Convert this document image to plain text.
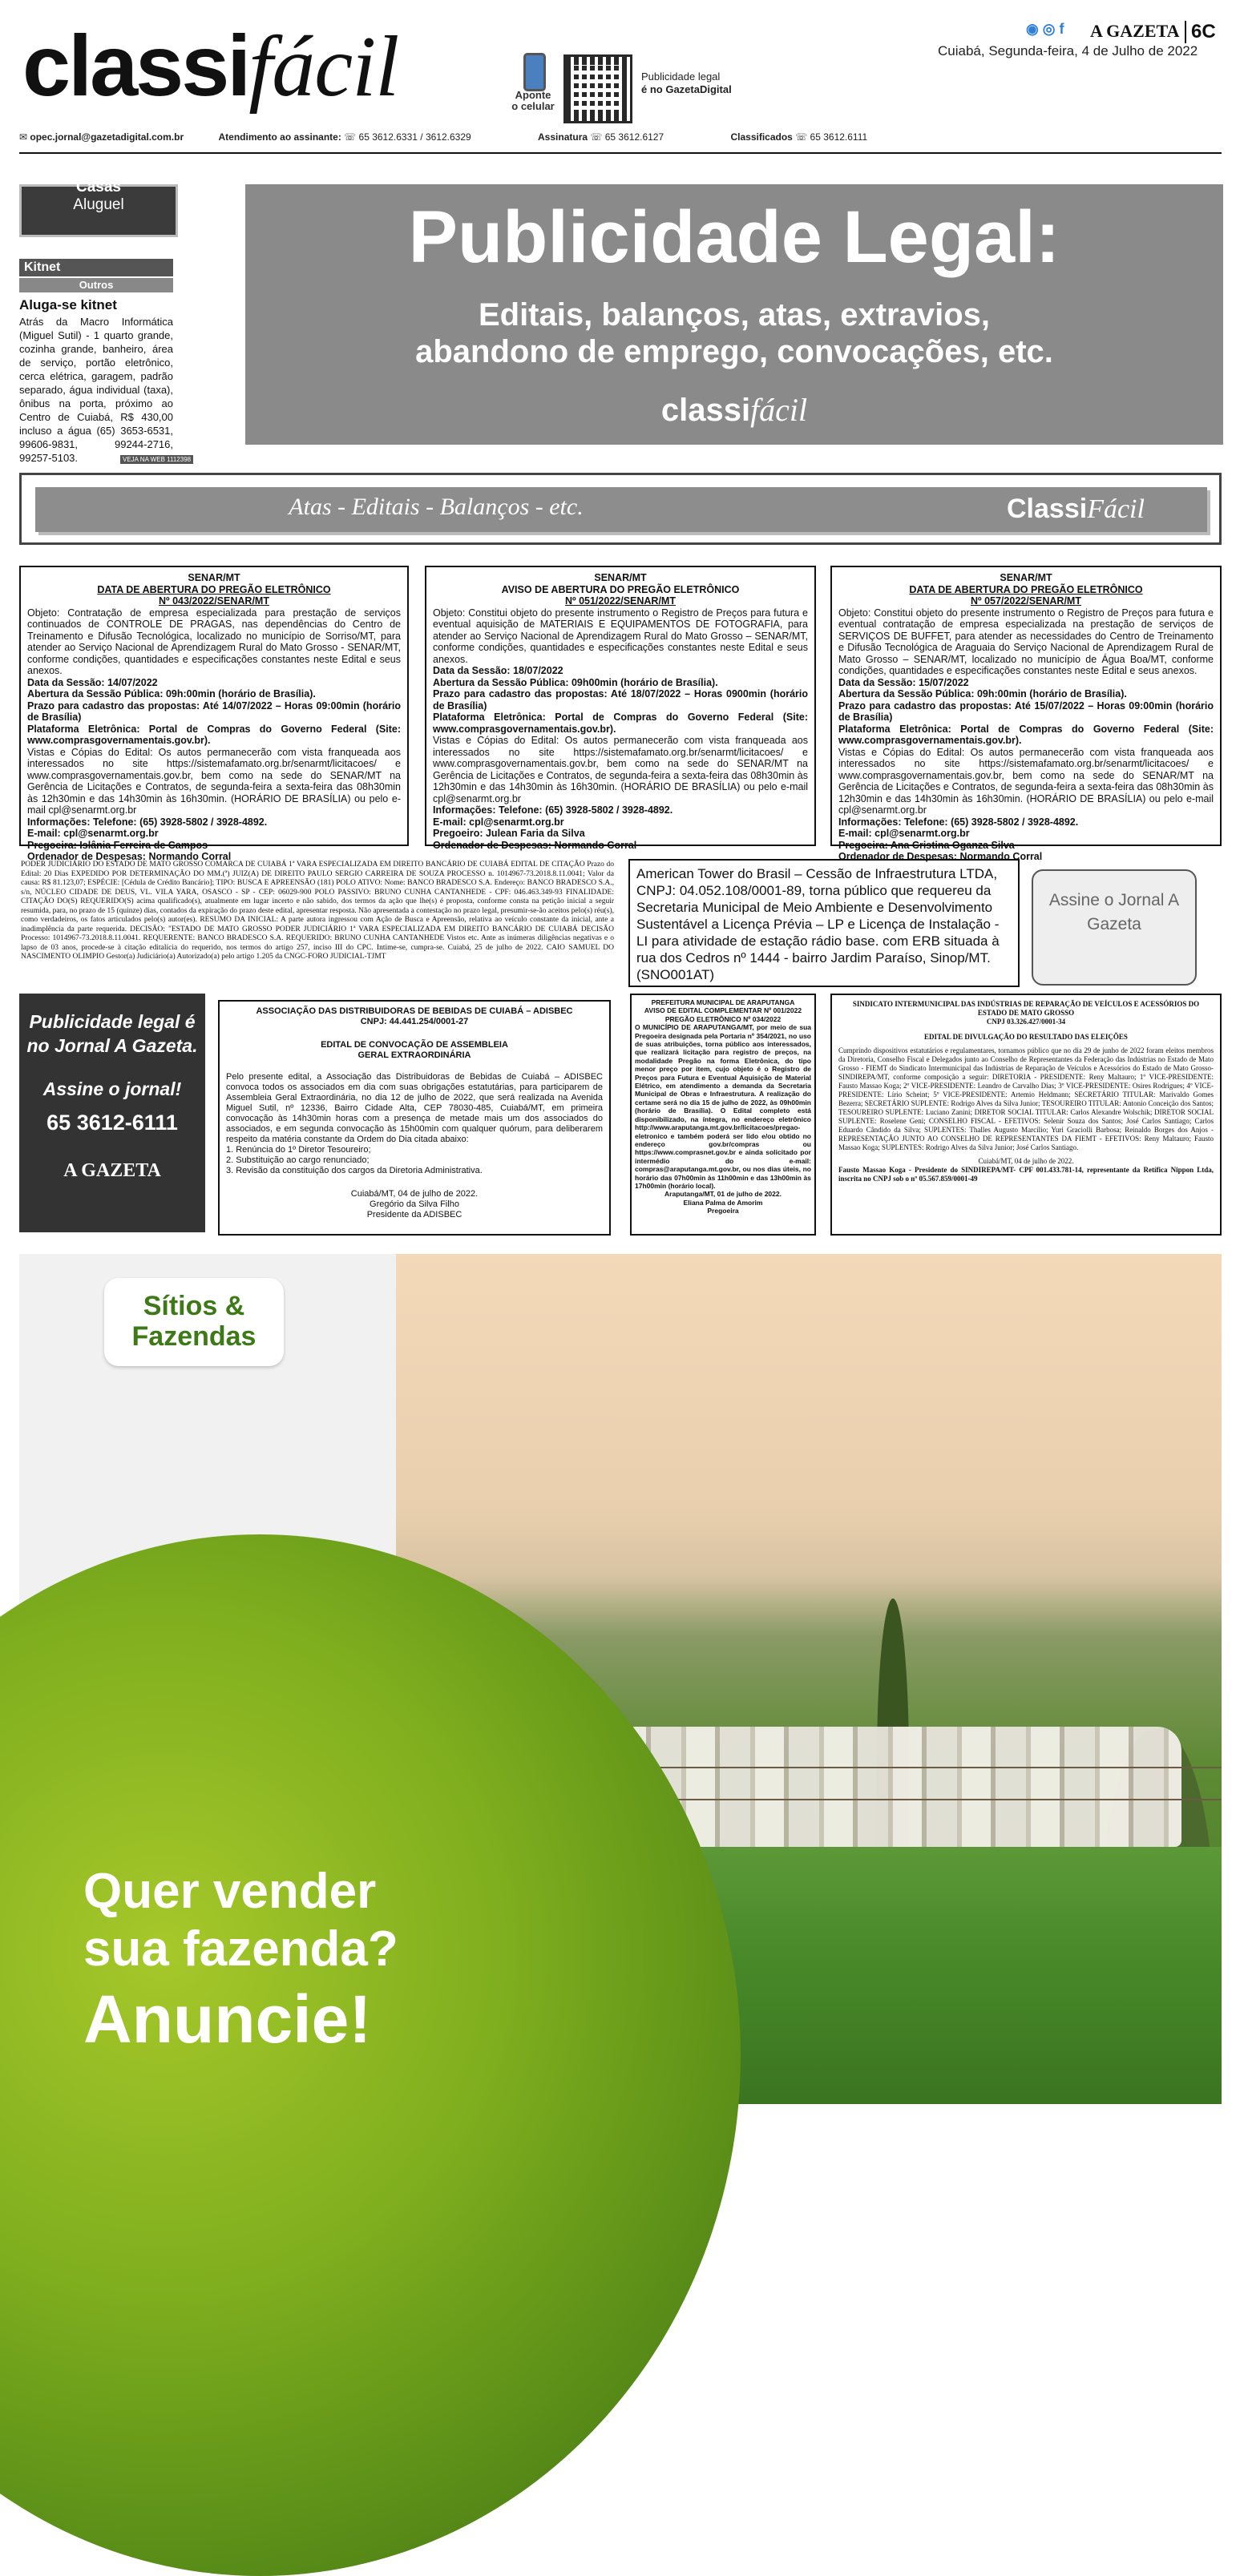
classifácil	Aponte o celular
Publicidade legal
é no GazetaDigital
◉ ◎ f A GAZETA 6C
Cuiabá, Segunda-feira, 4 de Julho de 2022
✉ opec.jornal@gazetadigital.com.br	Atendimento ao assinante: ☏ 65 3612.6331 / 3612.6329	Assinatura ☏ 65 3612.6127	Classificados ☏ 65 3612.6111
Casas
Aluguel
Kitnet
Outros
Aluga-se kitnet
Atrás da Macro Informática (Miguel Sutil) - 1 quarto grande, cozinha grande, banheiro, área de serviço, portão eletrônico, cerca elétrica, garagem, padrão separado, água individual (taxa), ônibus na porta, próximo ao Centro de Cuiabá, R$ 430,00 incluso a água (65) 3653-6531, 99606-9831, 99244-2716, 99257-5103.	VEJA NA WEB 1112398
Publicidade Legal:
Editais, balanços, atas, extravios,
abandono de emprego, convocações, etc.
classifácil
Atas - Editais - Balanços - etc.	ClassiFácil
SENAR/MT
DATA DE ABERTURA DO PREGÃO ELETRÔNICO
Nº 043/2022/SENAR/MT

Objeto: Contratação de empresa especializada para prestação de serviços continuados de CONTROLE DE PRAGAS, nas dependências do Centro de Treinamento e Difusão Tecnológica, localizado no município de Sorriso/MT, para atender ao Serviço Nacional de Aprendizagem Rural do Mato Grosso - SENAR/MT, conforme condições, quantidades e especificações constantes neste Edital e seus anexos.

Data da Sessão: 14/07/2022

Abertura da Sessão Pública: 09h:00min (horário de Brasília).

Prazo para cadastro das propostas: Até 14/07/2022 – Horas 09:00min (horário de Brasília)

Plataforma Eletrônica: Portal de Compras do Governo Federal (Site: www.comprasgovernamentais.gov.br).

Vistas e Cópias do Edital: Os autos permanecerão com vista franqueada aos interessados no site https://sistemafamato.org.br/senarmt/licitacoes/ e www.comprasgovernamentais.gov.br, bem como na sede do SENAR/MT na Gerência de Licitações e Contratos, de segunda-feira a sexta-feira das 08h30min às 12h30min e das 14h30min às 16h30min. (HORÁRIO DE BRASÍLIA) ou pelo e-mail cpl@senarmt.org.br

Informações: Telefone: (65) 3928-5802 / 3928-4892.

E-mail: cpl@senarmt.org.br

Pregoeira: Islânia Ferreira de Campos

Ordenador de Despesas: Normando Corral

SENAR/MT
AVISO DE ABERTURA DO PREGÃO ELETRÔNICO
Nº 051/2022/SENAR/MT

Objeto: Constitui objeto do presente instrumento o Registro de Preços para futura e eventual aquisição de MATERIAIS E EQUIPAMENTOS DE FOTOGRAFIA, para atender ao Serviço Nacional de Aprendizagem Rural do Mato Grosso – SENAR/MT, conforme condições, quantidades e especificações constantes neste Edital e seus anexos.

Data da Sessão: 18/07/2022

Abertura da Sessão Pública: 09h00min (horário de Brasília).

Prazo para cadastro das propostas: Até 18/07/2022 – Horas 0900min (horário de Brasília)

Plataforma Eletrônica: Portal de Compras do Governo Federal (Site: www.comprasgovernamentais.gov.br).

Vistas e Cópias do Edital: Os autos permanecerão com vista franqueada aos interessados no site https://sistemafamato.org.br/senarmt/licitacoes/ e www.comprasgovernamentais.gov.br, bem como na sede do SENAR/MT na Gerência de Licitações e Contratos, de segunda-feira a sexta-feira das 08h30min às 12h30min e das 14h30min às 16h30min. (HORÁRIO DE BRASÍLIA) ou pelo e-mail cpl@senarmt.org.br

Informações: Telefone: (65) 3928-5802 / 3928-4892.

E-mail: cpl@senarmt.org.br

Pregoeiro: Julean Faria da Silva

Ordenador de Despesas: Normando Corral

SENAR/MT
DATA DE ABERTURA DO PREGÃO ELETRÔNICO
Nº 057/2022/SENAR/MT

Objeto: Constitui objeto do presente instrumento o Registro de Preços para futura e eventual contratação de empresa especializada na prestação de serviços de SERVIÇOS DE BUFFET, para atender as necessidades do Centro de Treinamento e Difusão Tecnológica de Araguaia do Serviço Nacional de Aprendizagem Rural de Mato Grosso – SENAR/MT, localizado no município de Água Boa/MT, conforme condições, quantidades e especificações constantes neste Edital e seus anexos.

Data da Sessão: 15/07/2022

Abertura da Sessão Pública: 09h:00min (horário de Brasília).

Prazo para cadastro das propostas: Até 15/07/2022 – Horas 09:00min (horário de Brasília)

Plataforma Eletrônica: Portal de Compras do Governo Federal (Site: www.comprasgovernamentais.gov.br).

Vistas e Cópias do Edital: Os autos permanecerão com vista franqueada aos interessados no site https://sistemafamato.org.br/senarmt/licitacoes/ e www.comprasgovernamentais.gov.br, bem como na sede do SENAR/MT na Gerência de Licitações e Contratos, de segunda-feira a sexta-feira das 08h30min às 12h30min e das 14h30min às 16h30min. (HORÁRIO DE BRASÍLIA) ou pelo e-mail cpl@senarmt.org.br

Informações: Telefone: (65) 3928-5802 / 3928-4892.

E-mail: cpl@senarmt.org.br

Pregoeira: Ana Cristina Oganza Silva

Ordenador de Despesas: Normando Corral

PODER JUDICIÁRIO DO ESTADO DE MATO GROSSO COMARCA DE CUIABÁ 1ª VARA ESPECIALIZADA EM DIREITO BANCÁRIO DE CUIABÁ EDITAL DE CITAÇÃO Prazo do Edital: 20 Dias EXPEDIDO POR DETERMINAÇÃO DO MM.(ª) JUIZ(A) DE DIREITO PAULO SERGIO CARREIRA DE SOUZA PROCESSO n. 1014967-73.2018.8.11.0041; Valor da causa: R$ 81.123,07; ESPÉCIE: [Cédula de Crédito Bancário]; TIPO: BUSCA E APREENSÃO (181) POLO ATIVO: Nome: BANCO BRADESCO S.A. Endereço: BANCO BRADESCO S.A., s/n, NÚCLEO CIDADE DE DEUS, VL. VILA YARA, OSASCO - SP - CEP: 06029-900 POLO PASSIVO: BRUNO CUNHA CANTANHEDE - CPF: 046.463.349-93 FINALIDADE: CITAÇÃO DO(S) REQUERIDO(S) acima qualificado(s), atualmente em lugar incerto e não sabido, dos termos da ação que lhe(s) é proposta, conforme consta na petição inicial a seguir resumida, para, no prazo de 15 (quinze) dias, contados da expiração do prazo deste edital, apresentar resposta. Não apresentada a contestação no prazo legal, presumir-se-ão aceitos pelo(s) réu(s), como verdadeiros, os fatos articulados pelo(s) autor(es). RESUMO DA INICIAL: A parte autora ingressou com Ação de Busca e Apreensão, relativa ao veículo constante da inicial, ante a inadimplência da parte requerida. DECISÃO: "ESTADO DE MATO GROSSO PODER JUDICIÁRIO 1ª VARA ESPECIALIZADA EM DIREITO BANCÁRIO DE CUIABÁ DECISÃO Processo: 1014967-73.2018.8.11.0041. REQUERENTE: BANCO BRADESCO S.A. REQUERIDO: BRUNO CUNHA CANTANHEDE Vistos etc. Ante as inúmeras diligências negativas e o lapso de 03 anos, procede-se à citação editalícia do requerido, nos termos do artigo 257, inciso III do CPC. Intime-se, cumpra-se. Cuiabá, 25 de julho de 2022. CAIO SAMUEL DO NASCIMENTO OLIMPIO Gestor(a) Judiciário(a) Autorizado(a) pelo artigo 1.205 da CNGC-FORO JUDICIAL-TJMT
American Tower do Brasil – Cessão de Infraestrutura LTDA, CNPJ: 04.052.108/0001-89, torna público que requereu da Secretaria Municipal de Meio Ambiente e Desenvolvimento Sustentável a Licença Prévia – LP e Licença de Instalação - LI para atividade de estação rádio base. com ERB situada à rua dos Cedros nº 1444 - bairro Jardim Paraíso, Sinop/MT. (SNO001AT)
Assine o Jornal A Gazeta
Publicidade legal é
no Jornal A Gazeta.
Assine o jornal!
65 3612-6111
A GAZETA
ASSOCIAÇÃO DAS DISTRIBUIDORAS DE BEBIDAS DE CUIABÁ – ADISBEC
CNPJ: 44.441.254/0001-27
EDITAL DE CONVOCAÇÃO DE ASSEMBLEIA
GERAL EXTRAORDINÁRIA

Pelo presente edital, a Associação das Distribuidoras de Bebidas de Cuiabá – ADISBEC convoca todos os associados em dia com suas obrigações estatutárias, para participarem de Assembleia Geral Extraordinária, no dia 12 de julho de 2022, que será realizada na Avenida Miguel Sutil, nº 12336, Bairro Cidade Alta, CEP 78030-485, Cuiabá/MT, em primeira convocação às 14h30min horas com a presença de metade mais um dos associados do associados, e em segunda convocação às 15h00min com qualquer quórum, para deliberarem respeito da matéria constante da Ordem do Dia citada abaixo:

1. Renúncia do 1º Diretor Tesoureiro;

2. Substituição ao cargo renunciado;

3. Revisão da constituição dos cargos da Diretoria Administrativa.

Cuiabá/MT, 04 de julho de 2022.
Gregório da Silva Filho
Presidente da ADISBEC
PREFEITURA MUNICIPAL DE ARAPUTANGA
AVISO DE EDITAL COMPLEMENTAR Nº 001/2022
PREGÃO ELETRÔNICO Nº 034/2022

O MUNICÍPIO DE ARAPUTANGA/MT, por meio de sua Pregoeira designada pela Portaria nº 354/2021, no uso de suas atribuições, torna público aos interessados, que realizará licitação para registro de preços, na modalidade Pregão na forma Eletrônica, do tipo menor preço por item, cujo objeto é o Registro de Preços para Futura e Eventual Aquisição de Material Elétrico, em atendimento a demanda da Secretaria Municipal de Obras e Infraestrutura. A realização do certame será no dia 15 de julho de 2022, às 09h00min (horário de Brasília). O Edital completo está disponibilizado, na íntegra, no endereço eletrônico http://www.araputanga.mt.gov.br/licitacoes/pregao-eletronico e também poderá ser lido e/ou obtido no endereço gov.br/compras ou https://www.comprasnet.gov.br e ainda solicitado por intermédio do e-mail: compras@araputanga.mt.gov.br, ou nos dias úteis, no horário das 07h00min às 11h00min e das 13h00min às 17h00min (horário local).

Araputanga/MT, 01 de julho de 2022.
Eliana Palma de Amorim
Pregoeira
SINDICATO INTERMUNICIPAL DAS INDÚSTRIAS DE REPARAÇÃO DE VEÍCULOS E ACESSÓRIOS DO ESTADO DE MATO GROSSO
CNPJ 03.326.427/0001-34
EDITAL DE DIVULGAÇÃO DO RESULTADO DAS ELEIÇÕES

Cumprindo dispositivos estatutários e regulamentares, tornamos público que no dia 29 de junho de 2022 foram eleitos membros da Diretoria, Conselho Fiscal e Delegados junto ao Conselho de Representantes da Federação das Indústrias no Estado de Mato Grosso - FIEMT do Sindicato Intermunicipal das Indústrias de Reparação de Veículos e Acessórios do Estado de Mato Grosso- SINDIREPA/MT, conforme composição a seguir: DIRETORIA - PRESIDENTE: Reny Maltauro; 1º VICE-PRESIDENTE: Fausto Massao Koga; 2º VICE-PRESIDENTE: Leandro de Carvalho Dias; 3º VICE-PRESIDENTE: Osires Rodrigues; 4º VICE-PRESIDENTE: Lírio Scheint; 5º VICE-PRESIDENTE: Artemio Heldmann; SECRETÁRIO TITULAR: Marivaldo Gomes Bezerra; SECRETÁRIO SUPLENTE: Rodrigo Alves da Silva Junior; TESOUREIRO TITULAR: Antonio Conceição dos Santos; TESOUREIRO SUPLENTE: Luciano Zanini; DIRETOR SOCIAL TITULAR: Carlos Alexandre Wolschik; DIRETOR SOCIAL SUPLENTE: Roselene Geni; CONSELHO FISCAL - EFETIVOS: Selenir Souza dos Santos; José Carlos Santiago; Carlos Eduardo Cândido da Silva; SUPLENTES: Thalles Augusto Marcílio; Yuri Graciolli Barbosa; Reinaldo Borges dos Anjos - REPRESENTAÇÃO JUNTO AO CONSELHO DE REPRESENTANTES DA FIEMT - EFETIVOS: Reny Maltauro; Fausto Massao Koga; SUPLENTES: Rodrigo Alves da Silva Junior; José Carlos Santiago.

Cuiabá/MT, 04 de julho de 2022.

Fausto Massao Koga - Presidente do SINDIREPA/MT- CPF 001.433.781-14, representante da Retífica Nippon Ltda, inscrita no CNPJ sob o nº 05.567.859/0001-49

Sítios &
Fazendas
Quer vender
sua fazenda?
Anuncie!
